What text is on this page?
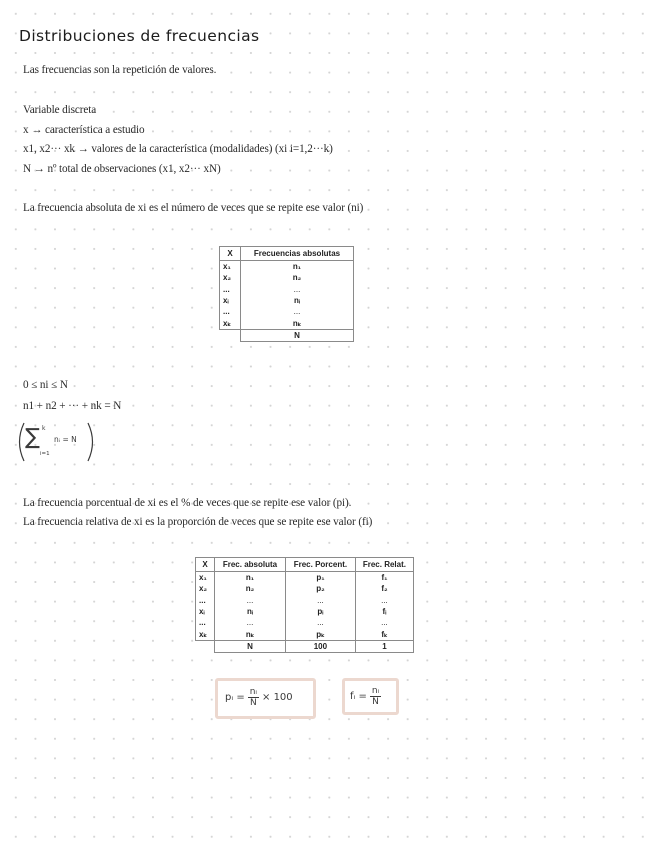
Distribuciones de frecuencias
Las frecuencias son la repetición de valores.
Variable discreta
x → característica a estudio
x1, x2··· xk → valores de la característica (modalidades) (xi i=1,2···k)
N → nº total de observaciones (x1, x2··· xN)
La frecuencia absoluta de xi es el número de veces que se repite ese valor (ni)
X	Frecuencias absolutas
x₁	n₁
x₂	n₂
...	...
xᵢ	nᵢ
...	...
xₖ	nₖ
	N
0 ≤ ni ≤ N
n1 + n2 + ··· + nk = N
∑ k
i=1
nᵢ = N
La frecuencia porcentual de xi es el % de veces que se repite ese valor (pi).
La frecuencia relativa de xi es la proporción de veces que se repite ese valor (fi)
X	Frec. absoluta	Frec. Porcent.	Frec. Relat.
x₁	n₁	p₁	f₁
x₂	n₂	p₂	f₂
...	...	...	...
xᵢ	nᵢ	pᵢ	fᵢ
...	...	...	...
xₖ	nₖ	pₖ	fₖ
	N	100	1
pᵢ = $\frac{\text{nᵢ}}{N} \times 100$	fᵢ = $\frac{\text{nᵢ}}{N}$
